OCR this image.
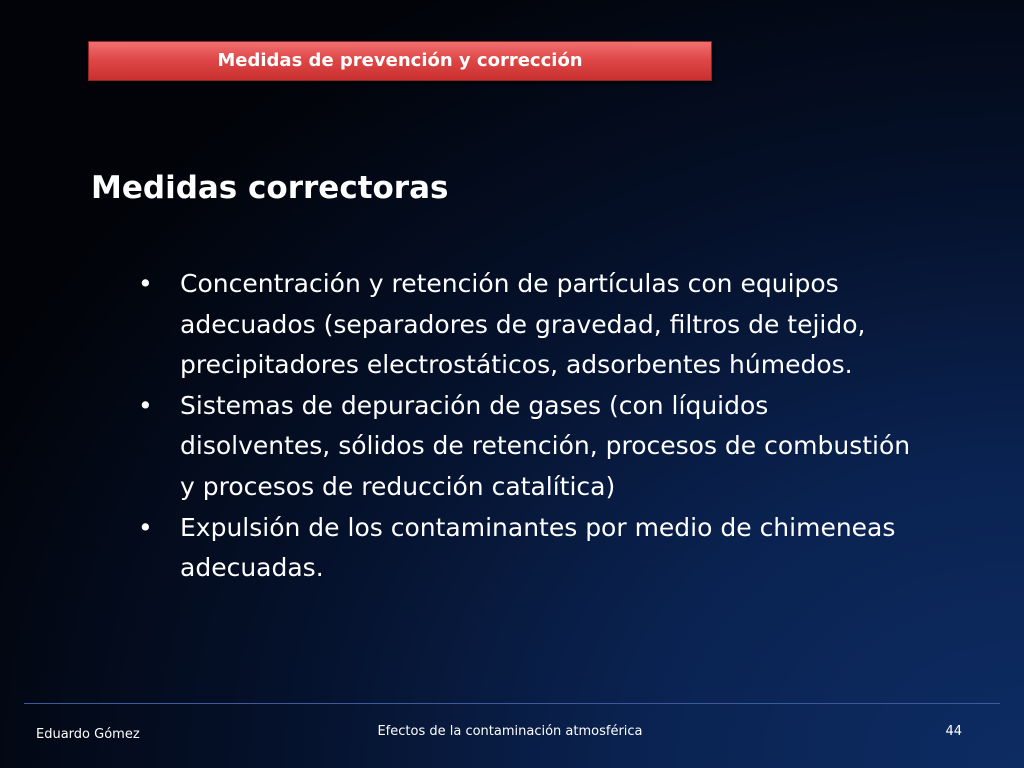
Medidas de prevención y corrección
Medidas correctoras
• Concentración y retención de partículas con equipos adecuados (separadores de gravedad, filtros de tejido, precipitadores electrostáticos, adsorbentes húmedos.
• Sistemas de depuración de gases (con líquidos disolventes, sólidos de retención, procesos de combustión y procesos de reducción catalítica)
• Expulsión de los contaminantes por medio de chimeneas adecuadas.
Eduardo Gómez	Efectos de la contaminación atmosférica	44
